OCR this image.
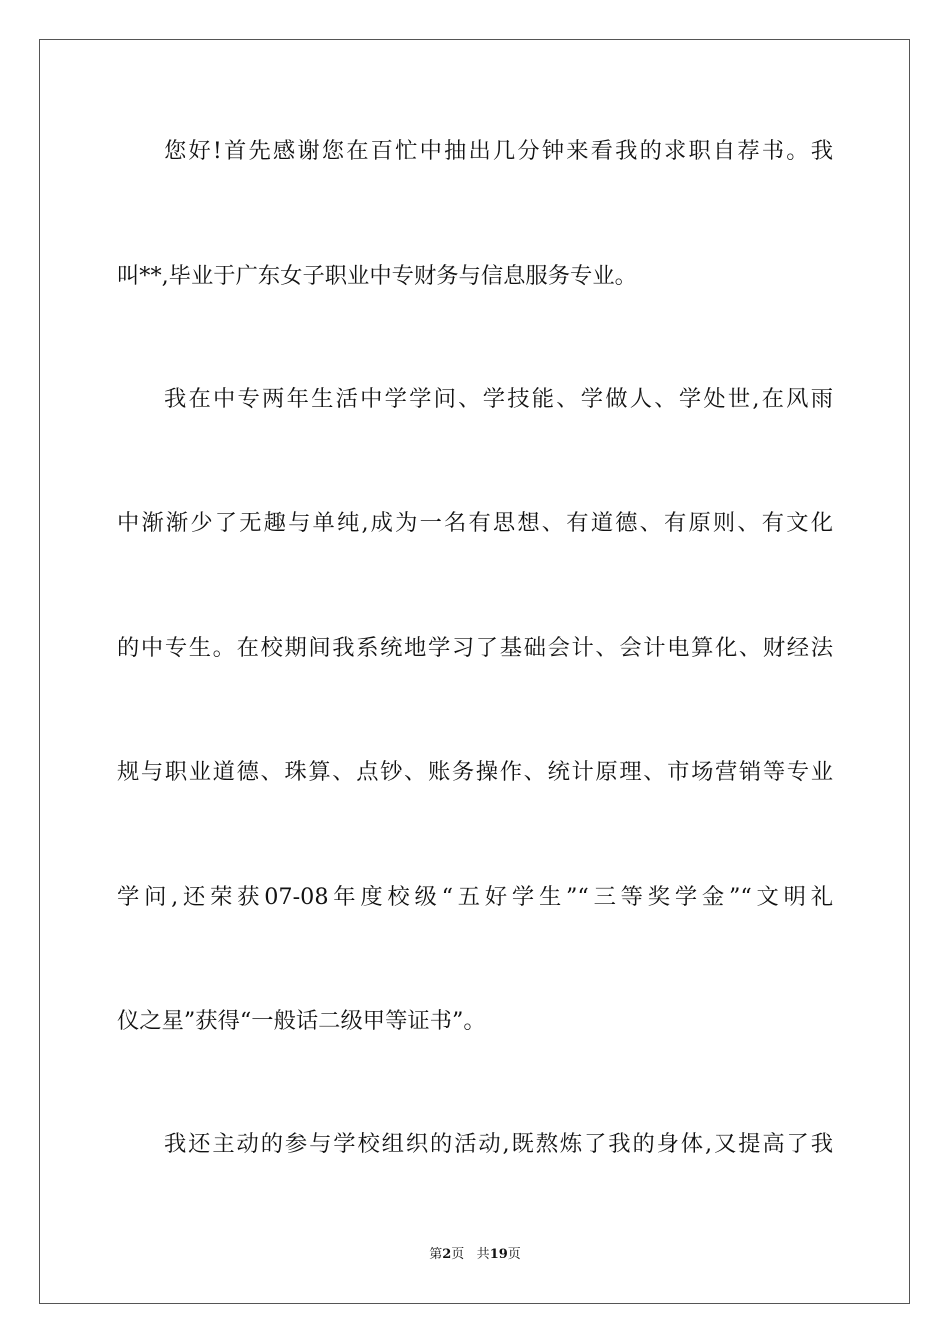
您好!首先感谢您在百忙中抽出几分钟来看我的求职自荐书。我
叫**,毕业于广东女子职业中专财务与信息服务专业。
我在中专两年生活中学学问、学技能、学做人、学处世,在风雨
中渐渐少了无趣与单纯,成为一名有思想、有道德、有原则、有文化
的中专生。在校期间我系统地学习了基础会计、会计电算化、财经法
规与职业道德、珠算、点钞、账务操作、统计原理、市场营销等专业
学问,还荣获07-08年度校级“五好学生”“三等奖学金”“文明礼
仪之星”获得“一般话二级甲等证书”。
我还主动的参与学校组织的活动,既熬炼了我的身体,又提高了我
第2页 共19页
